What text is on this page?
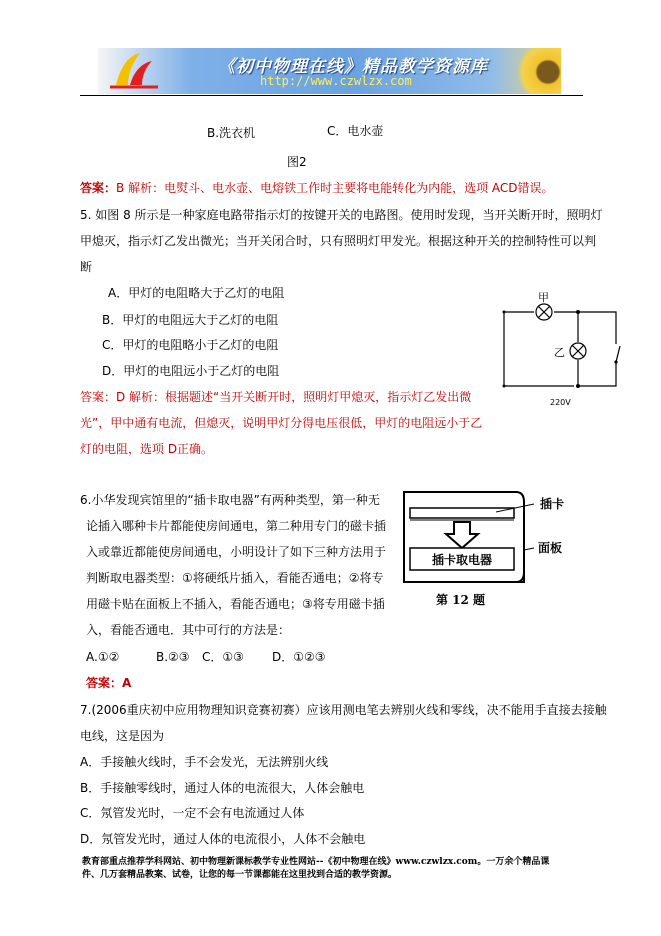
《初中物理在线》精品教学资源库
http://www.czwlzx.com
B.洗衣机	C．电水壶
图2
答案：B 解析：电熨斗、电水壶、电熔铁工作时主要将电能转化为内能，选项 ACD错误。
5. 如图 8 所示是一种家庭电路带指示灯的按键开关的电路图。使用时发现，当开关断开时，照明灯
甲熄灭，指示灯乙发出微光；当开关闭合时，只有照明灯甲发光。根据这种开关的控制特性可以判
断
A．甲灯的电阻略大于乙灯的电阻
B．甲灯的电阻远大于乙灯的电阻
C．甲灯的电阻略小于乙灯的电阻
D．甲灯的电阻远小于乙灯的电阻
答案：D 解析：根据题述“当开关断开时，照明灯甲熄灭，指示灯乙发出微
光”，甲中通有电流，但熄灭，说明甲灯分得电压很低，甲灯的电阻远小于乙
灯的电阻，选项 D正确。
甲
乙
220V
6.小华发现宾馆里的“插卡取电器”有两种类型，第一种无
论插入哪种卡片都能使房间通电，第二种用专门的磁卡插
入或靠近都能使房间通电，小明设计了如下三种方法用于
判断取电器类型：①将硬纸片插入，看能否通电；②将专
用磁卡贴在面板上不插入，看能否通电；③将专用磁卡插
入，看能否通电．其中可行的方法是：
A.①②	B.②③ C．①③ D．①②③
答案：A
插卡取电器
插卡
面板
第 12 题
7.(2006重庆初中应用物理知识竞赛初赛）应该用测电笔去辨别火线和零线，决不能用手直接去接触
电线，这是因为
A．手接触火线时，手不会发光，无法辨别火线
B．手接触零线时，通过人体的电流很大，人体会触电
C．氖管发光时，一定不会有电流通过人体
D．氖管发光时，通过人体的电流很小，人体不会触电
教育部重点推荐学科网站、初中物理新课标教学专业性网站--《初中物理在线》www.czwlzx.com。一万余个精品课
件、几万套精品教案、试卷，让您的每一节课都能在这里找到合适的教学资源。
